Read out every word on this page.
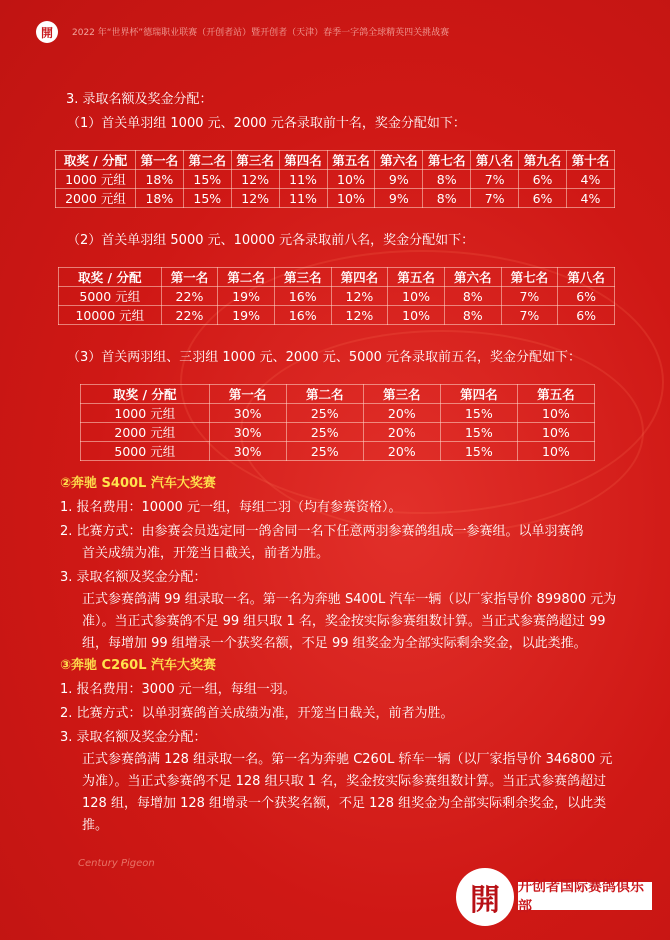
開	2022 年“世界杯”德瑞职业联赛（开创者站）暨开创者（天津）春季一字鸽全球精英四关挑战赛
3. 录取名额及奖金分配：
（1）首关单羽组 1000 元、2000 元各录取前十名，奖金分配如下：
取奖 / 分配	第一名	第二名	第三名	第四名	第五名	第六名	第七名	第八名	第九名	第十名
1000 元组	18%	15%	12%	11%	10%	9%	8%	7%	6%	4%
2000 元组	18%	15%	12%	11%	10%	9%	8%	7%	6%	4%
（2）首关单羽组 5000 元、10000 元各录取前八名，奖金分配如下：
取奖 / 分配	第一名	第二名	第三名	第四名	第五名	第六名	第七名	第八名
5000 元组	22%	19%	16%	12%	10%	8%	7%	6%
10000 元组	22%	19%	16%	12%	10%	8%	7%	6%
（3）首关两羽组、三羽组 1000 元、2000 元、5000 元各录取前五名，奖金分配如下：
取奖 / 分配	第一名	第二名	第三名	第四名	第五名
1000 元组	30%	25%	20%	15%	10%
2000 元组	30%	25%	20%	15%	10%
5000 元组	30%	25%	20%	15%	10%
②奔驰 S400L 汽车大奖赛
1. 报名费用：10000 元一组，每组二羽（均有参赛资格）。
2. 比赛方式：由参赛会员选定同一鸽舍同一名下任意两羽参赛鸽组成一参赛组。以单羽赛鸽
首关成绩为准，开笼当日截关，前者为胜。
3. 录取名额及奖金分配：
正式参赛鸽满 99 组录取一名。第一名为奔驰 S400L 汽车一辆（以厂家指导价 899800 元为准）。当正式参赛鸽不足 99 组只取 1 名，奖金按实际参赛组数计算。当正式参赛鸽超过 99 组，每增加 99 组增录一个获奖名额，不足 99 组奖金为全部实际剩余奖金，以此类推。
③奔驰 C260L 汽车大奖赛
1. 报名费用：3000 元一组，每组一羽。
2. 比赛方式：以单羽赛鸽首关成绩为准，开笼当日截关，前者为胜。
3. 录取名额及奖金分配：
正式参赛鸽满 128 组录取一名。第一名为奔驰 C260L 轿车一辆（以厂家指导价 346800 元为准）。当正式参赛鸽不足 128 组只取 1 名，奖金按实际参赛组数计算。当正式参赛鸽超过 128 组，每增加 128 组增录一个获奖名额，不足 128 组奖金为全部实际剩余奖金，以此类推。
Century Pigeon
開	开创者国际赛鸽俱乐部
